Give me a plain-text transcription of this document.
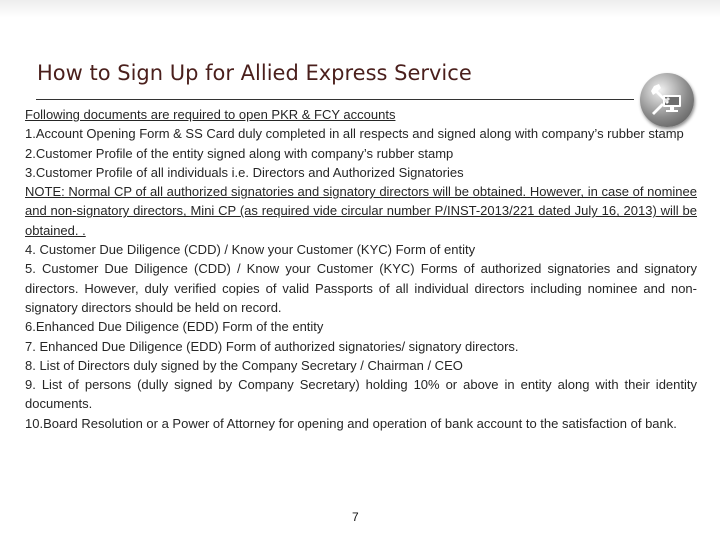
How to Sign Up for Allied Express Service

Following documents are required to open PKR & FCY accounts

1.Account Opening Form & SS Card duly completed in all respects and signed along with company’s rubber stamp

2.Customer Profile of the entity signed along with company’s rubber stamp

3.Customer Profile of all individuals i.e. Directors and Authorized Signatories

NOTE: Normal CP of all authorized signatories and signatory directors will be obtained. However, in case of nominee and non-signatory directors, Mini CP (as required vide circular number P/INST-2013/221 dated July 16, 2013) will be obtained. .

4. Customer Due Diligence (CDD) / Know your Customer (KYC) Form of entity

5. Customer Due Diligence (CDD) / Know your Customer (KYC) Forms of authorized signatories and signatory directors. However, duly verified copies of valid Passports of all individual directors including nominee and non-signatory directors should be held on record.

6.Enhanced Due Diligence (EDD) Form of the entity

7. Enhanced Due Diligence (EDD) Form of authorized signatories/ signatory directors.

8. List of Directors duly signed by the Company Secretary / Chairman / CEO

9. List of persons (dully signed by Company Secretary) holding 10% or above in entity along with their identity documents.

10.Board Resolution or a Power of Attorney for opening and operation of bank account to the satisfaction of bank.

7
